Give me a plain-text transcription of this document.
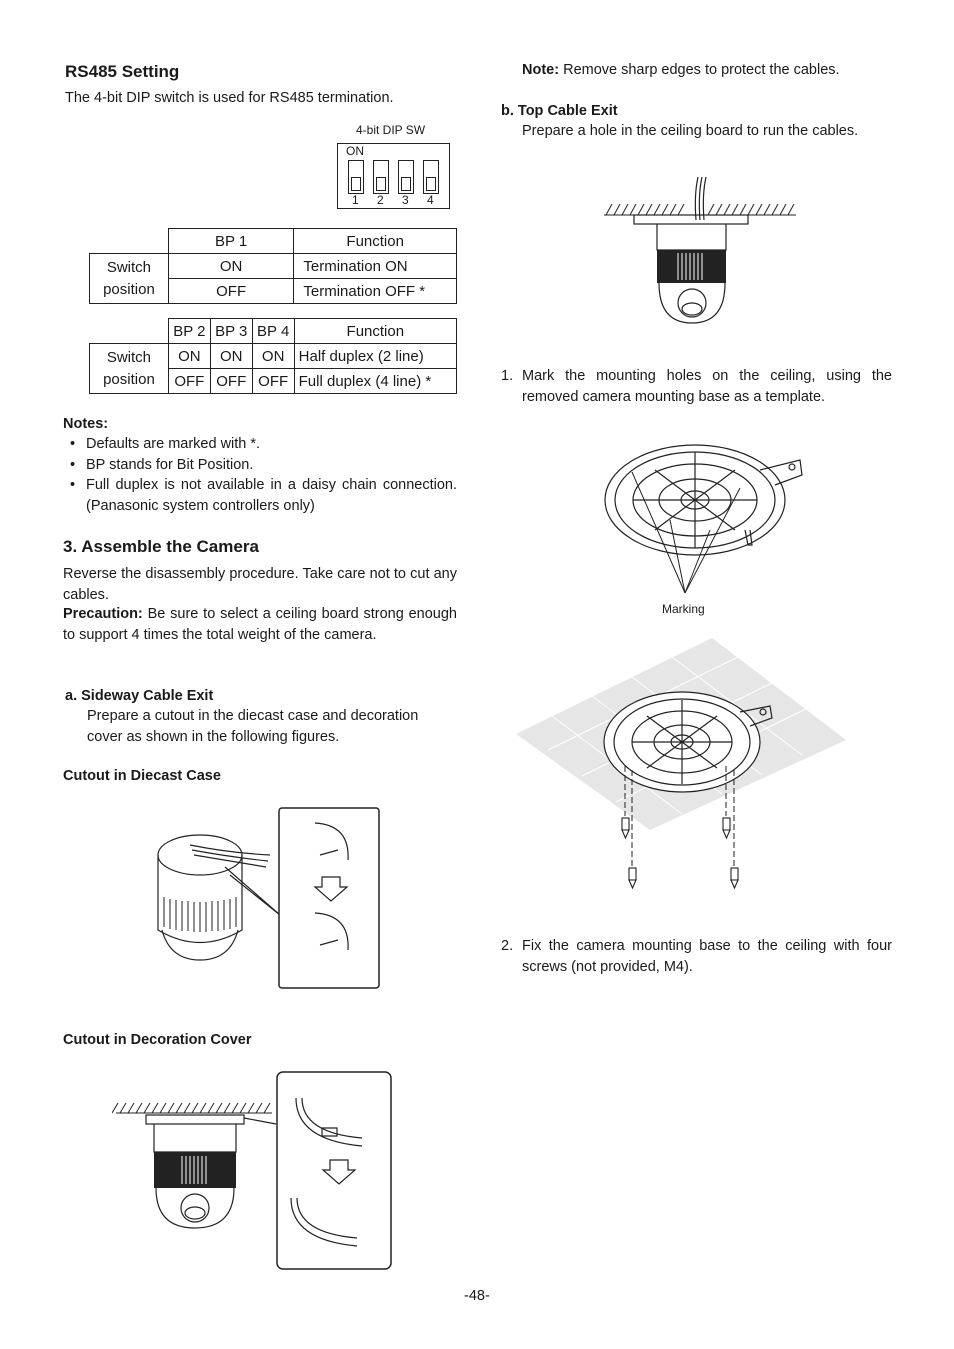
RS485 Setting
The 4-bit DIP switch is used for RS485 termination.
4-bit DIP SW
ON
1 2 3 4
	BP 1	Function
Switch position	ON	Termination ON
	OFF	Termination OFF *
	BP 2	BP 3	BP 4	Function
Switch position	ON	ON	ON	Half duplex (2 line)
	OFF	OFF	OFF	Full duplex (4 line) *
Notes:
• Defaults are marked with *.
• BP stands for Bit Position.
• Full duplex is not available in a daisy chain connection. (Panasonic system controllers only)
3. Assemble the Camera
Reverse the disassembly procedure. Take care not to cut any cables.
Precaution: Be sure to select a ceiling board strong enough to support 4 times the total weight of the camera.
a. Sideway Cable Exit
Prepare a cutout in the diecast case and decoration cover as shown in the following figures.
Cutout in Diecast Case
Cutout in Decoration Cover
Note: Remove sharp edges to protect the cables.
b. Top Cable Exit
Prepare a hole in the ceiling board to run the cables.
1. Mark the mounting holes on the ceiling, using the removed camera mounting base as a template.
Marking
2. Fix the camera mounting base to the ceiling with four screws (not provided, M4).
-48-
